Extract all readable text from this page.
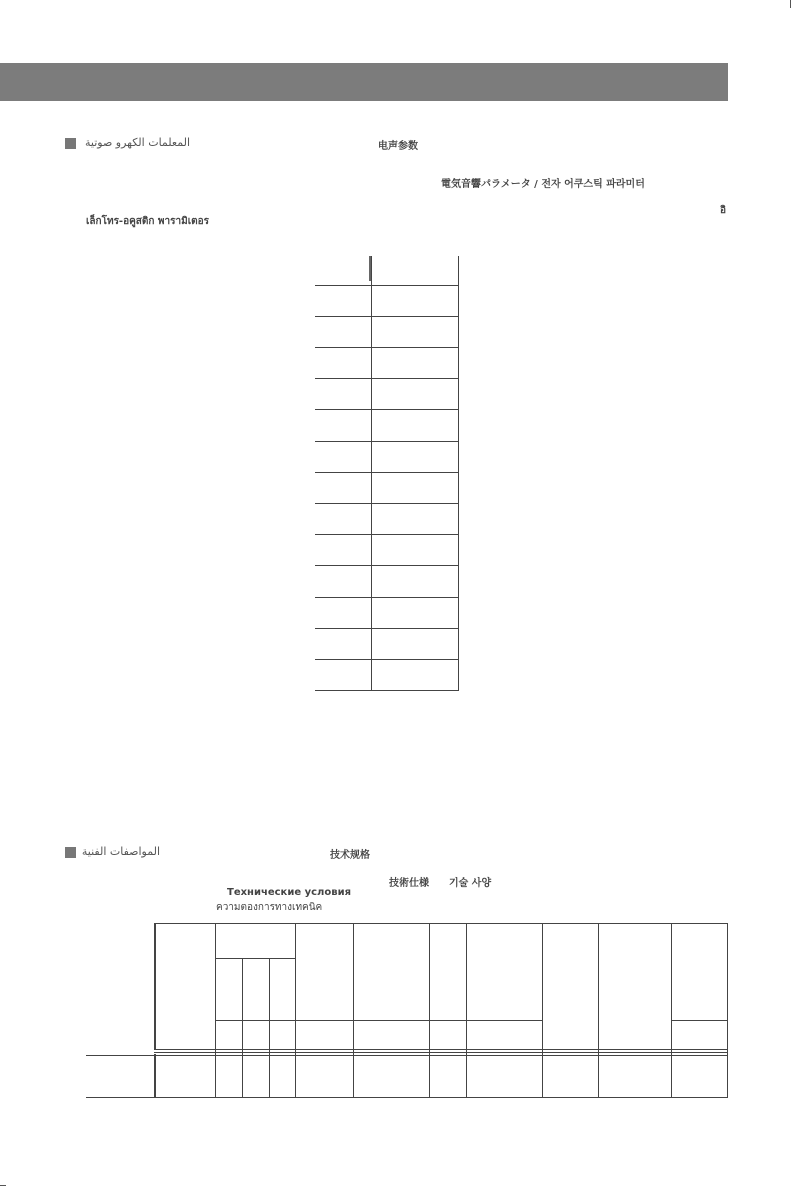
المعلمات الكهرو صوتية	电声参数
電気音響パラメータ / 전자 어쿠스틱 파라미터
อิ
เล็กโทร-อคูสติก พารามิเตอร
المواصفات الفنية	技术规格
技術仕様 기술 사양
Технические условия
ความตองการทางเทคนิค
